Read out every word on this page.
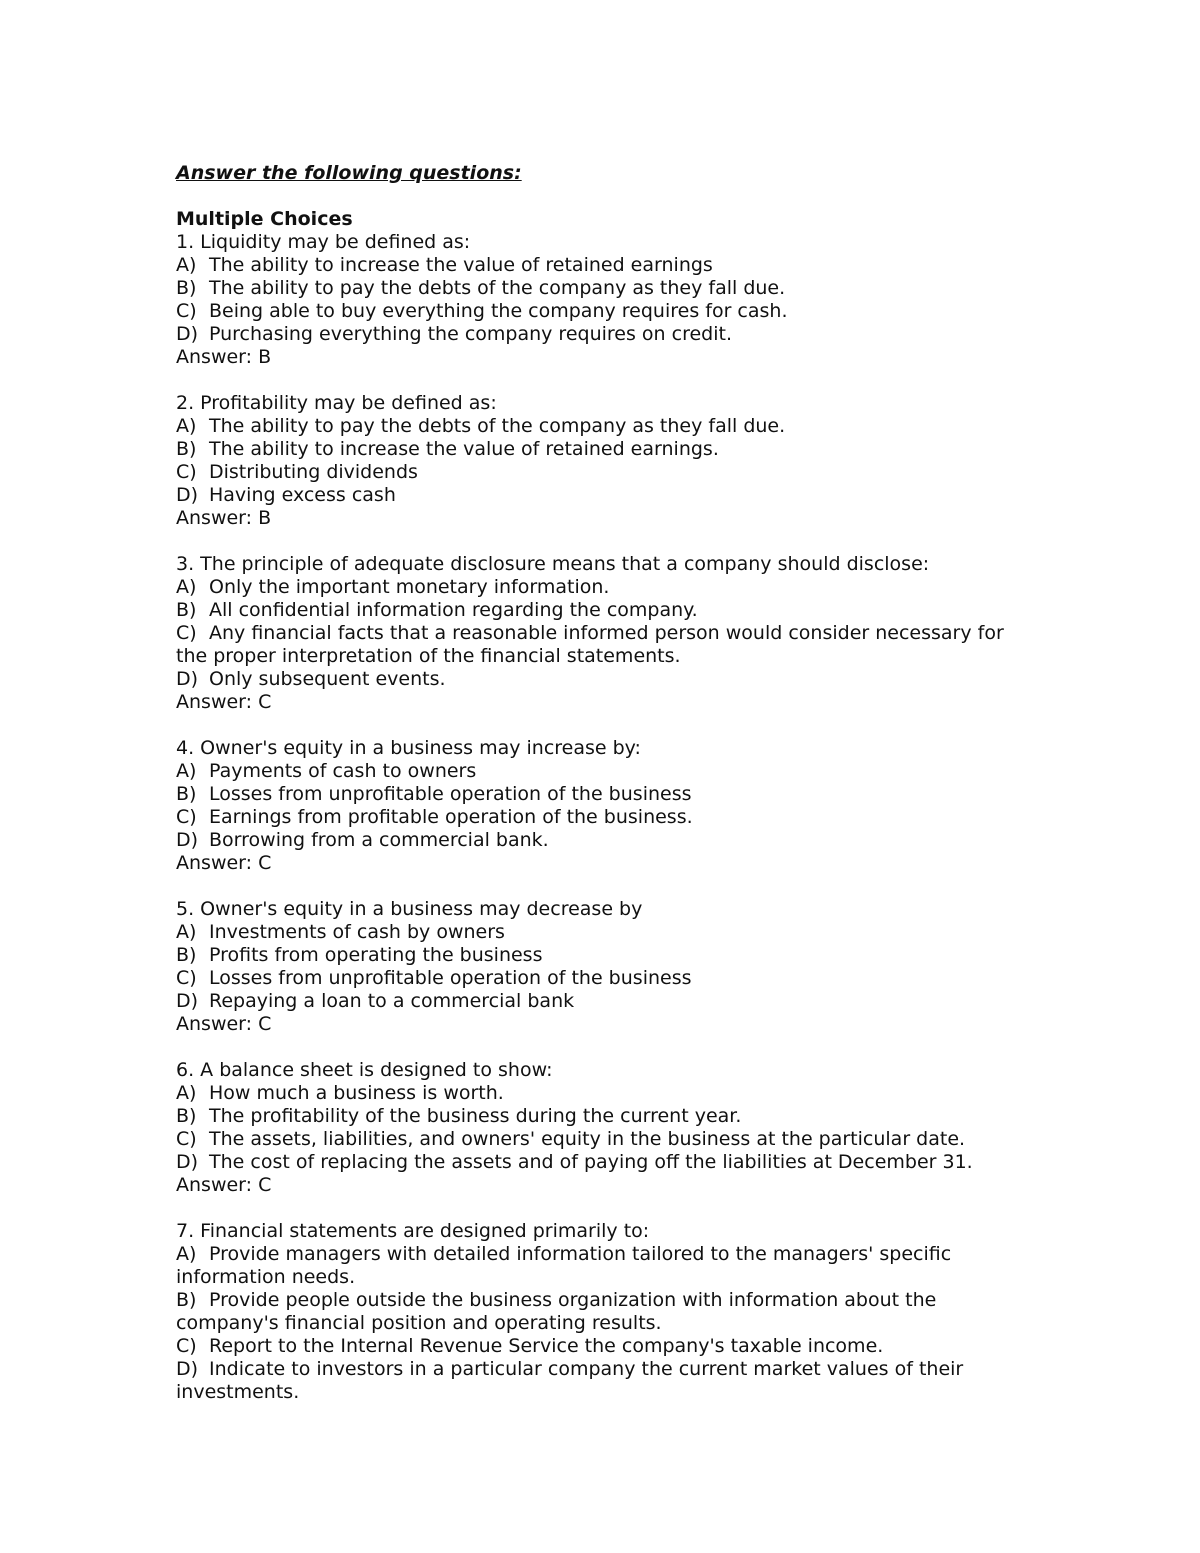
Answer the following questions:
Multiple Choices
1. Liquidity may be defined as:
A) The ability to increase the value of retained earnings
B) The ability to pay the debts of the company as they fall due.
C) Being able to buy everything the company requires for cash.
D) Purchasing everything the company requires on credit.
Answer: B
2. Profitability may be defined as:
A) The ability to pay the debts of the company as they fall due.
B) The ability to increase the value of retained earnings.
C) Distributing dividends
D) Having excess cash
Answer: B
3. The principle of adequate disclosure means that a company should disclose:
A) Only the important monetary information.
B) All confidential information regarding the company.
C) Any financial facts that a reasonable informed person would consider necessary for the proper interpretation of the financial statements.
D) Only subsequent events.
Answer: C
4. Owner's equity in a business may increase by:
A) Payments of cash to owners
B) Losses from unprofitable operation of the business
C) Earnings from profitable operation of the business.
D) Borrowing from a commercial bank.
Answer: C
5. Owner's equity in a business may decrease by
A) Investments of cash by owners
B) Profits from operating the business
C) Losses from unprofitable operation of the business
D) Repaying a loan to a commercial bank
Answer: C
6. A balance sheet is designed to show:
A) How much a business is worth.
B) The profitability of the business during the current year.
C) The assets, liabilities, and owners' equity in the business at the particular date.
D) The cost of replacing the assets and of paying off the liabilities at December 31.
Answer: C
7. Financial statements are designed primarily to:
A) Provide managers with detailed information tailored to the managers' specific information needs.
B) Provide people outside the business organization with information about the company's financial position and operating results.
C) Report to the Internal Revenue Service the company's taxable income.
D) Indicate to investors in a particular company the current market values of their investments.
